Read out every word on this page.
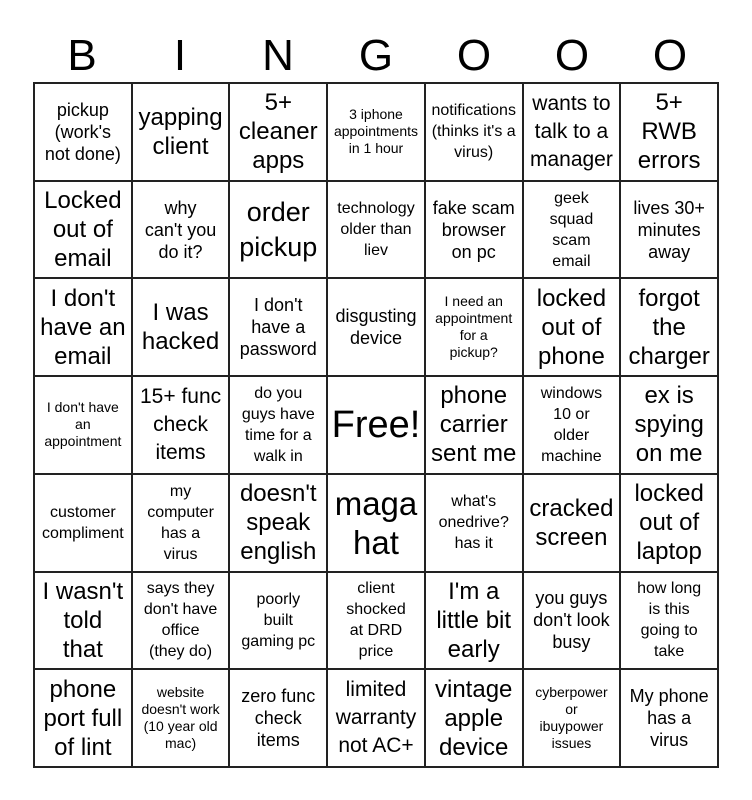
B	I	N	G	O	O	O
pickup
(work's
not done)
yapping
client
5+
cleaner
apps
3 iphone
appointments
in 1 hour
notifications
(thinks it's a
virus)
wants to
talk to a
manager
5+
RWB
errors
Locked
out of
email
why
can't you
do it?
order
pickup
technology
older than
liev
fake scam
browser
on pc
geek
squad
scam
email
lives 30+
minutes
away
I don't
have an
email
I was
hacked
I don't
have a
password
disgusting
device
I need an
appointment
for a
pickup?
locked
out of
phone
forgot
the
charger
I don't have
an
appointment
15+ func
check
items
do you
guys have
time for a
walk in
Free!
phone
carrier
sent me
windows
10 or
older
machine
ex is
spying
on me
customer
compliment
my
computer
has a
virus
doesn't
speak
english
maga
hat
what's
onedrive?
has it
cracked
screen
locked
out of
laptop
I wasn't
told
that
says they
don't have
office
(they do)
poorly
built
gaming pc
client
shocked
at DRD
price
I'm a
little bit
early
you guys
don't look
busy
how long
is this
going to
take
phone
port full
of lint
website
doesn't work
(10 year old
mac)
zero func
check
items
limited
warranty
not AC+
vintage
apple
device
cyberpower
or
ibuypower
issues
My phone
has a
virus
